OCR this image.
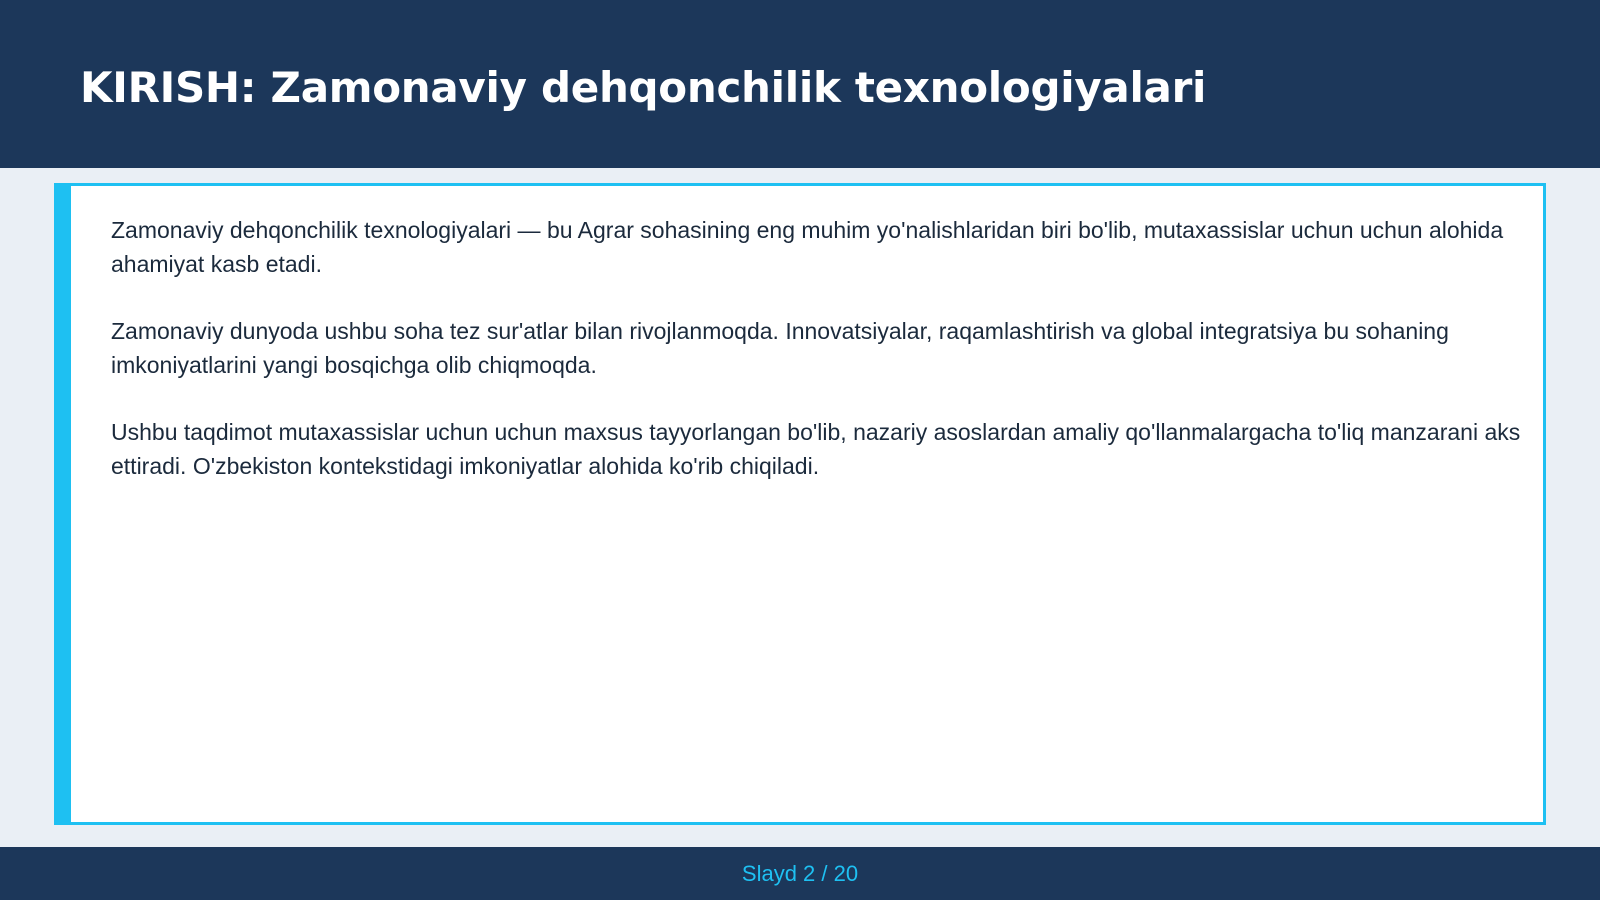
KIRISH: Zamonaviy dehqonchilik texnologiyalari

Zamonaviy dehqonchilik texnologiyalari — bu Agrar sohasining eng muhim yo'nalishlaridan biri bo'lib, mutaxassislar uchun uchun alohida ahamiyat kasb etadi.

Zamonaviy dunyoda ushbu soha tez sur'atlar bilan rivojlanmoqda. Innovatsiyalar, raqamlashtirish va global integratsiya bu sohaning imkoniyatlarini yangi bosqichga olib chiqmoqda.

Ushbu taqdimot mutaxassislar uchun uchun maxsus tayyorlangan bo'lib, nazariy asoslardan amaliy qo'llanmalargacha to'liq manzarani aks ettiradi. O'zbekiston kontekstidagi imkoniyatlar alohida ko'rib chiqiladi.

Slayd 2 / 20
